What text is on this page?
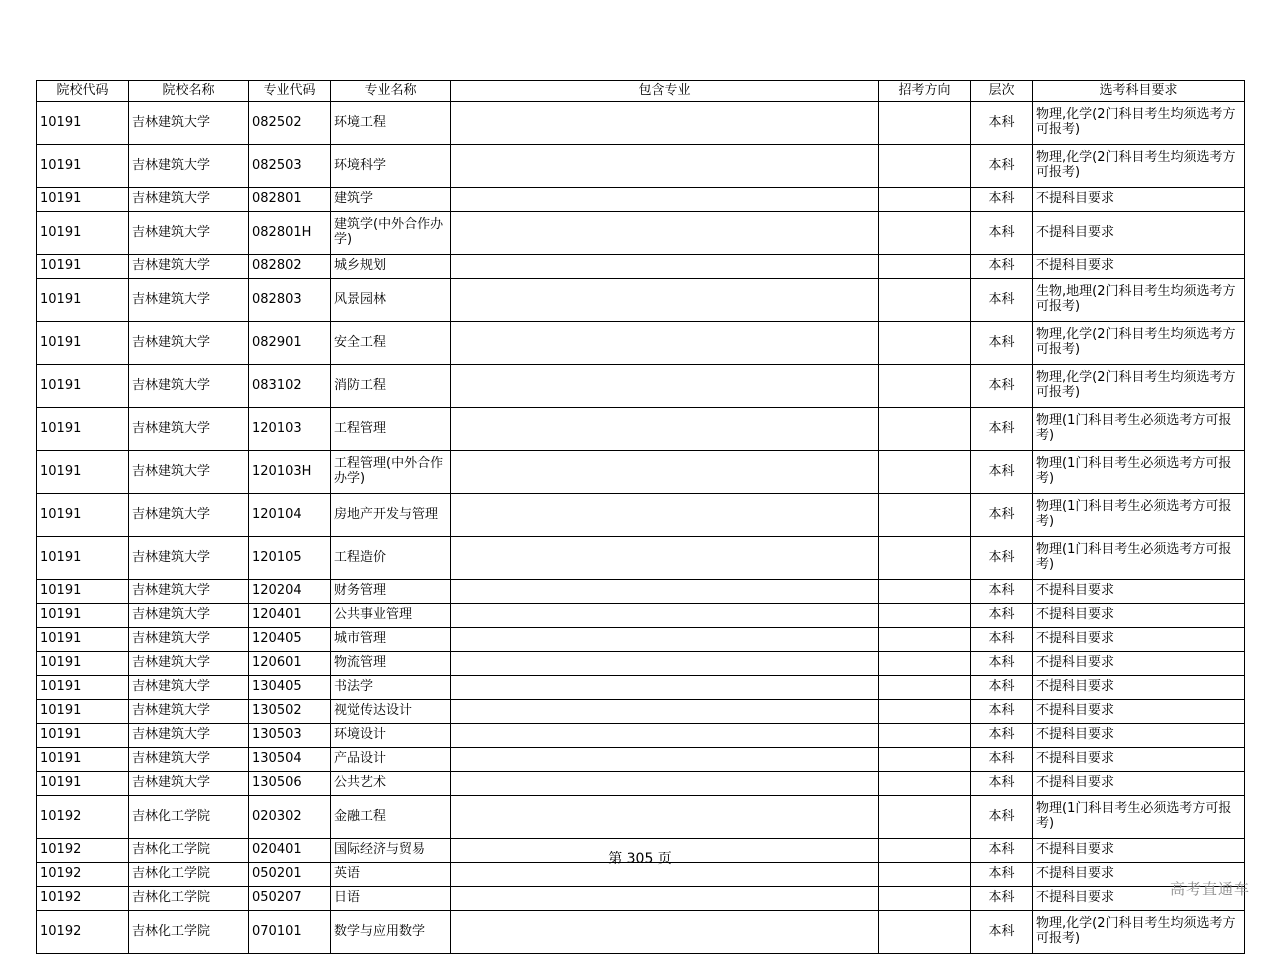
院校代码	院校名称	专业代码	专业名称	包含专业	招考方向	层次	选考科目要求
10191	吉林建筑大学	082502	环境工程			本科	物理,化学(2门科目考生均须选考方可报考)
10191	吉林建筑大学	082503	环境科学			本科	物理,化学(2门科目考生均须选考方可报考)
10191	吉林建筑大学	082801	建筑学			本科	不提科目要求
10191	吉林建筑大学	082801H	建筑学(中外合作办学)			本科	不提科目要求
10191	吉林建筑大学	082802	城乡规划			本科	不提科目要求
10191	吉林建筑大学	082803	风景园林			本科	生物,地理(2门科目考生均须选考方可报考)
10191	吉林建筑大学	082901	安全工程			本科	物理,化学(2门科目考生均须选考方可报考)
10191	吉林建筑大学	083102	消防工程			本科	物理,化学(2门科目考生均须选考方可报考)
10191	吉林建筑大学	120103	工程管理			本科	物理(1门科目考生必须选考方可报考)
10191	吉林建筑大学	120103H	工程管理(中外合作办学)			本科	物理(1门科目考生必须选考方可报考)
10191	吉林建筑大学	120104	房地产开发与管理			本科	物理(1门科目考生必须选考方可报考)
10191	吉林建筑大学	120105	工程造价			本科	物理(1门科目考生必须选考方可报考)
10191	吉林建筑大学	120204	财务管理			本科	不提科目要求
10191	吉林建筑大学	120401	公共事业管理			本科	不提科目要求
10191	吉林建筑大学	120405	城市管理			本科	不提科目要求
10191	吉林建筑大学	120601	物流管理			本科	不提科目要求
10191	吉林建筑大学	130405	书法学			本科	不提科目要求
10191	吉林建筑大学	130502	视觉传达设计			本科	不提科目要求
10191	吉林建筑大学	130503	环境设计			本科	不提科目要求
10191	吉林建筑大学	130504	产品设计			本科	不提科目要求
10191	吉林建筑大学	130506	公共艺术			本科	不提科目要求
10192	吉林化工学院	020302	金融工程			本科	物理(1门科目考生必须选考方可报考)
10192	吉林化工学院	020401	国际经济与贸易			本科	不提科目要求
10192	吉林化工学院	050201	英语			本科	不提科目要求
10192	吉林化工学院	050207	日语			本科	不提科目要求
10192	吉林化工学院	070101	数学与应用数学			本科	物理,化学(2门科目考生均须选考方可报考)
第 305 页
高考直通车
